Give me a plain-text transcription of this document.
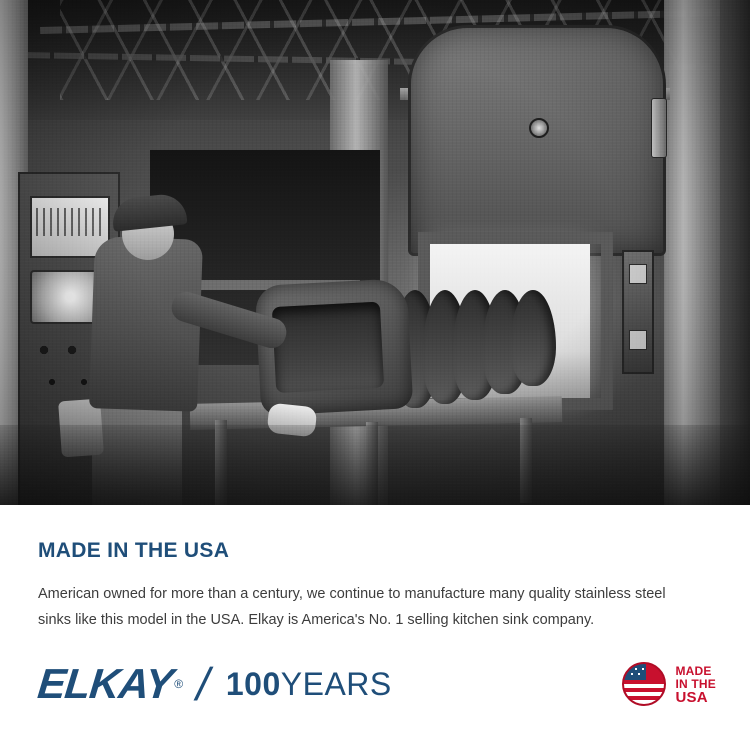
MADE IN THE USA

American owned for more than a century, we continue to manufacture many quality stainless steel sinks like this model in the USA. Elkay is America's No. 1 selling kitchen sink company.

ELKAY ® / 100 YEARS	MADE
IN THE
USA
